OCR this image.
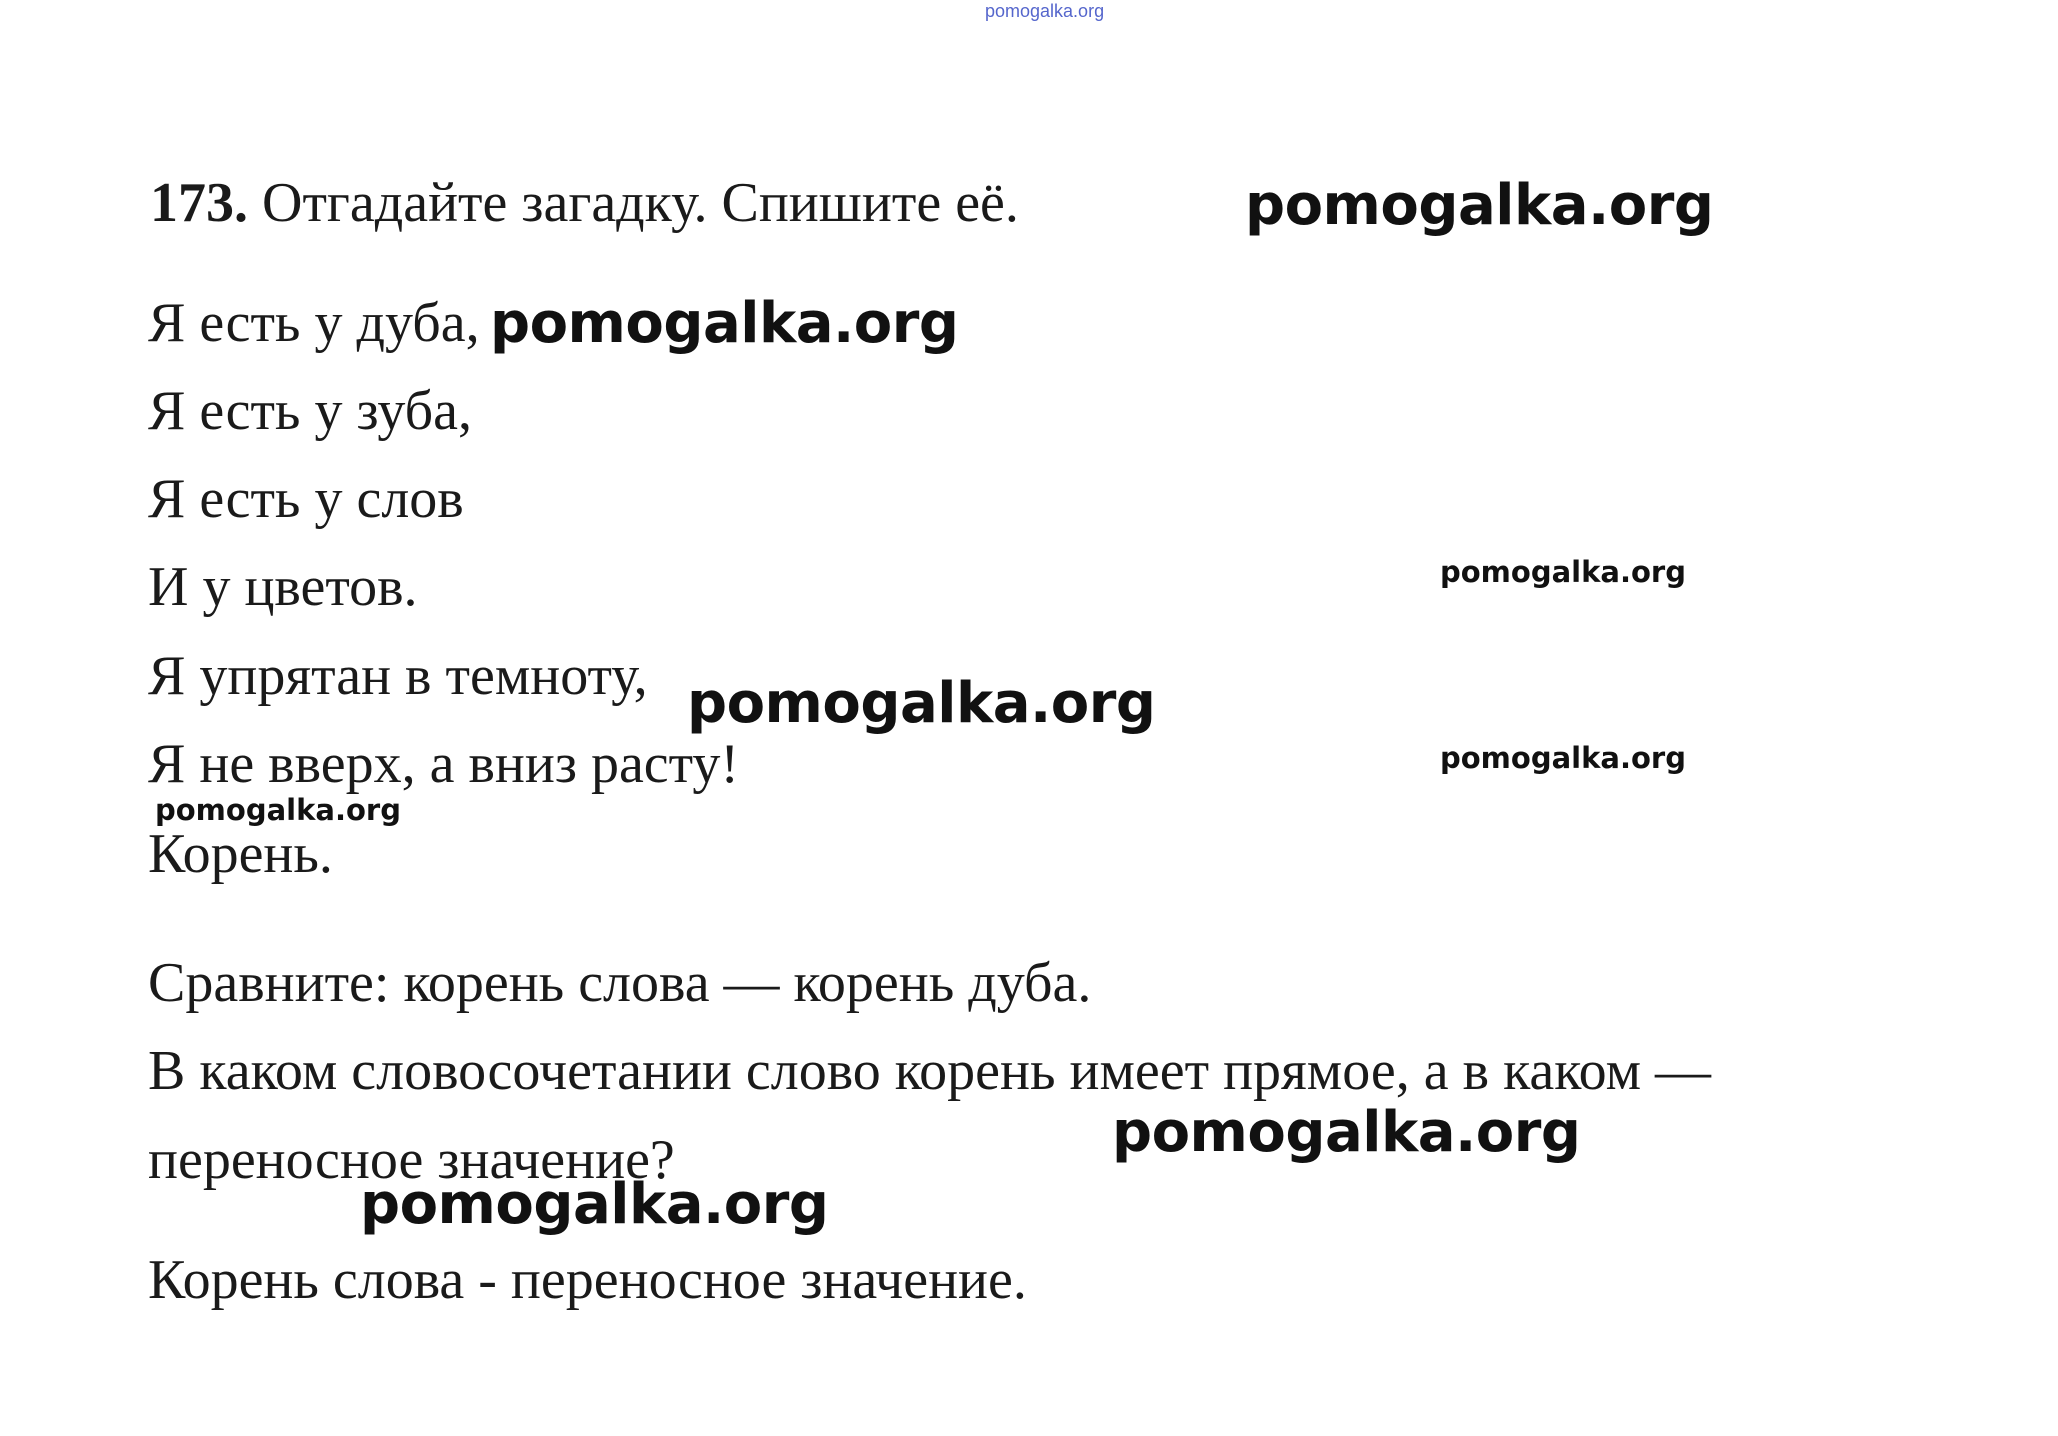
pomogalka.org
173. Отгадайте загадку. Спишите её.
Я есть у дуба,
Я есть у зуба,
Я есть у слов
И у цветов.
Я упрятан в темноту,
Я не вверх, а вниз расту!
Корень.
Сравните: корень слова — корень дуба.
В каком словосочетании слово корень имеет прямое, а в каком —
переносное значение?
Корень слова - переносное значение.
pomogalka.org
pomogalka.org
pomogalka.org
pomogalka.org
pomogalka.org
pomogalka.org
pomogalka.org
pomogalka.org
